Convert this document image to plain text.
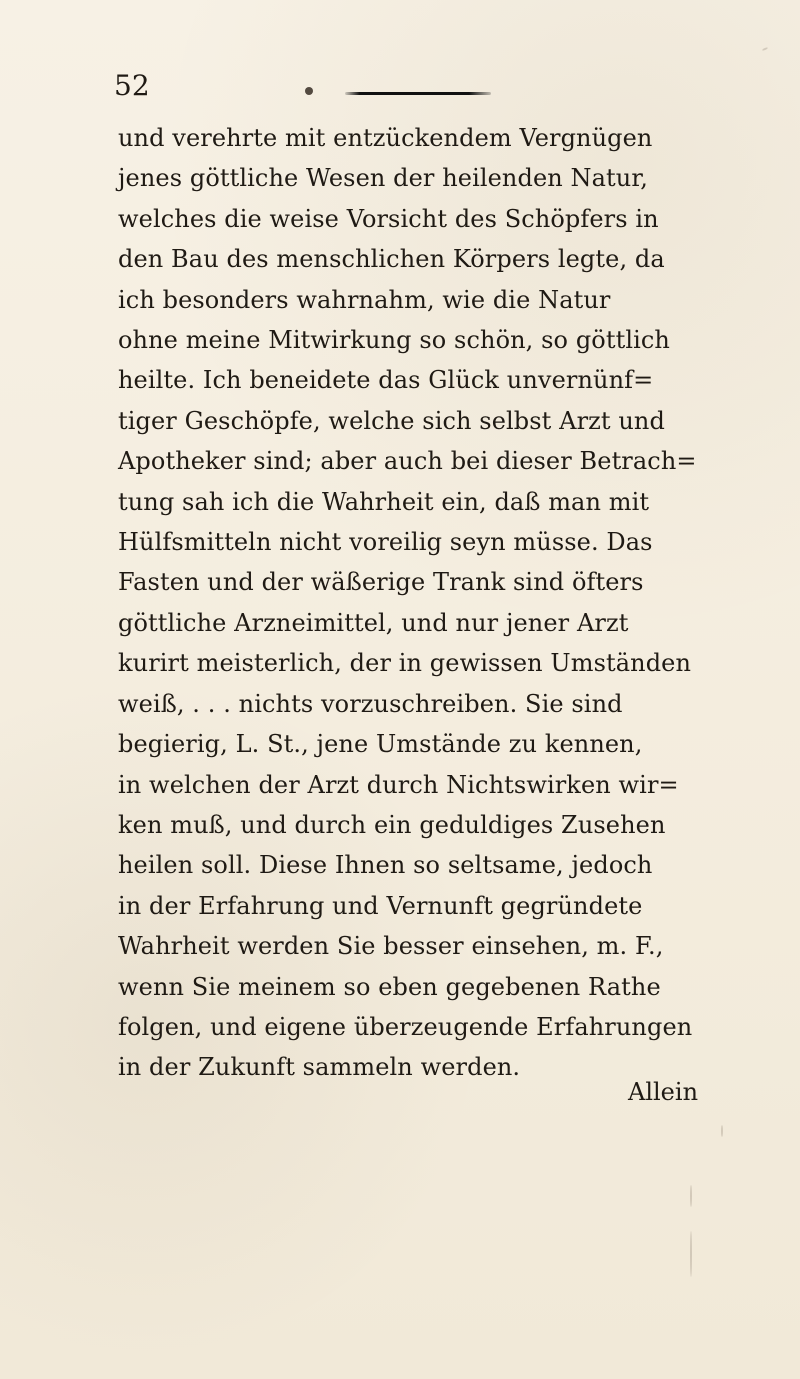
52
und verehrte mit entzückendem Vergnügen
jenes göttliche Wesen der heilenden Natur,
welches die weise Vorsicht des Schöpfers in
den Bau des menschlichen Körpers legte, da
ich besonders wahrnahm, wie die Natur
ohne meine Mitwirkung so schön, so göttlich
heilte. Ich beneidete das Glück unvernünf=
tiger Geschöpfe, welche sich selbst Arzt und
Apotheker sind; aber auch bei dieser Betrach=
tung sah ich die Wahrheit ein, daß man mit
Hülfsmitteln nicht voreilig seyn müsse. Das
Fasten und der wäßerige Trank sind öfters
göttliche Arzneimittel, und nur jener Arzt
kurirt meisterlich, der in gewissen Umständen
weiß, . . . nichts vorzuschreiben. Sie sind
begierig, L. St., jene Umstände zu kennen,
in welchen der Arzt durch Nichtswirken wir=
ken muß, und durch ein geduldiges Zusehen
heilen soll. Diese Ihnen so seltsame, jedoch
in der Erfahrung und Vernunft gegründete
Wahrheit werden Sie besser einsehen, m. F.,
wenn Sie meinem so eben gegebenen Rathe
folgen, und eigene überzeugende Erfahrungen
in der Zukunft sammeln werden.
Allein
